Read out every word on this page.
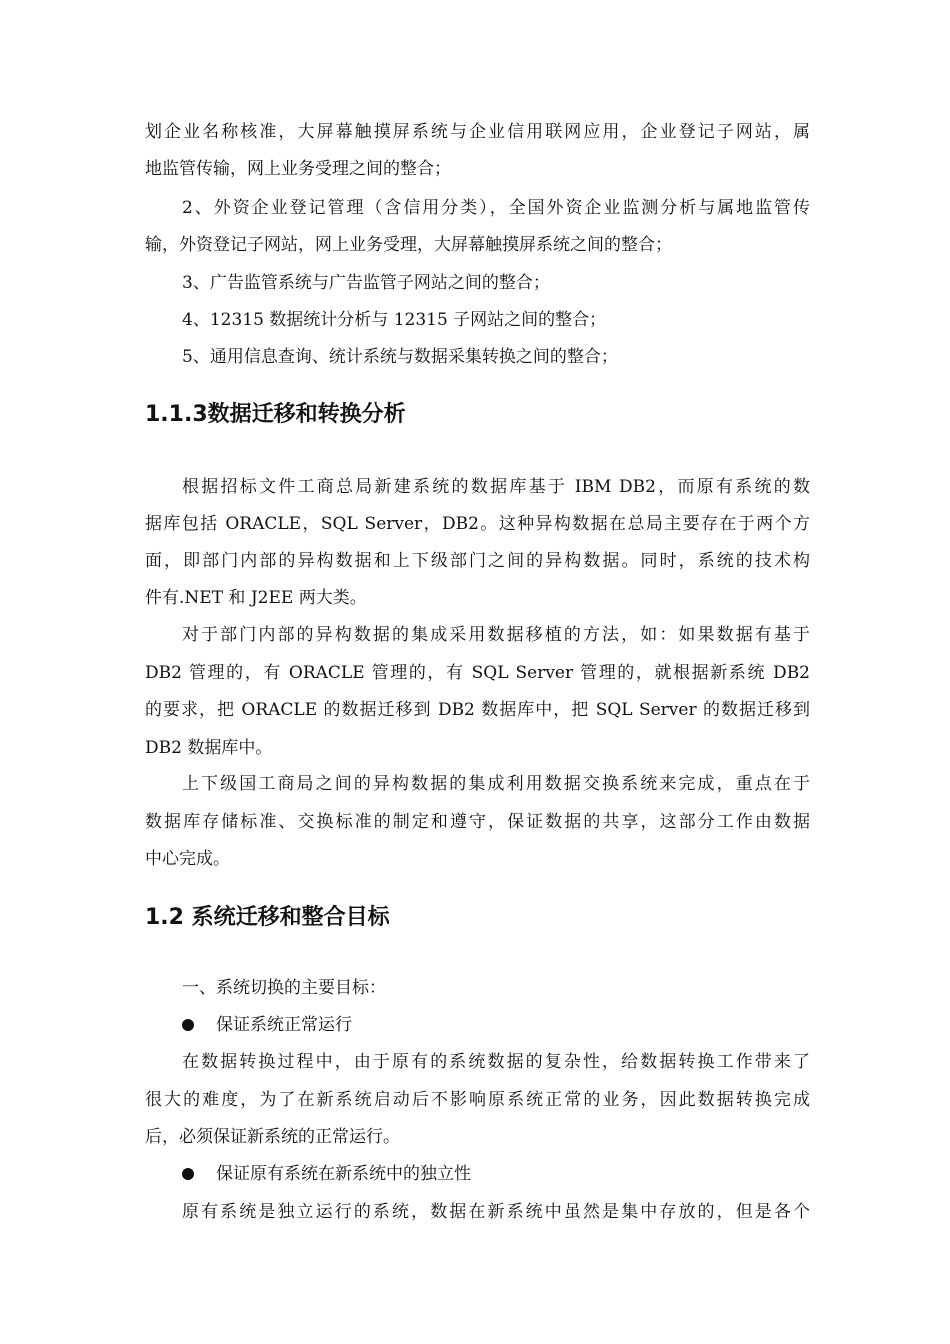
划企业名称核准，大屏幕触摸屏系统与企业信用联网应用，企业登记子网站，属
地监管传输，网上业务受理之间的整合；
2、外资企业登记管理（含信用分类），全国外资企业监测分析与属地监管传
输，外资登记子网站，网上业务受理，大屏幕触摸屏系统之间的整合；
3、广告监管系统与广告监管子网站之间的整合；
4、12315 数据统计分析与 12315 子网站之间的整合；
5、通用信息查询、统计系统与数据采集转换之间的整合；
1.1.3数据迁移和转换分析
根据招标文件工商总局新建系统的数据库基于 IBM DB2，而原有系统的数
据库包括 ORACLE，SQL Server，DB2。这种异构数据在总局主要存在于两个方
面，即部门内部的异构数据和上下级部门之间的异构数据。同时，系统的技术构
件有.NET 和 J2EE 两大类。
对于部门内部的异构数据的集成采用数据移植的方法，如：如果数据有基于
DB2 管理的，有 ORACLE 管理的，有 SQL Server 管理的，就根据新系统 DB2
的要求，把 ORACLE 的数据迁移到 DB2 数据库中，把 SQL Server 的数据迁移到
DB2 数据库中。
上下级国工商局之间的异构数据的集成利用数据交换系统来完成，重点在于
数据库存储标准、交换标准的制定和遵守，保证数据的共享，这部分工作由数据
中心完成。
1.2 系统迁移和整合目标
一、系统切换的主要目标：
保证系统正常运行
在数据转换过程中，由于原有的系统数据的复杂性，给数据转换工作带来了
很大的难度，为了在新系统启动后不影响原系统正常的业务，因此数据转换完成
后，必须保证新系统的正常运行。
保证原有系统在新系统中的独立性
原有系统是独立运行的系统，数据在新系统中虽然是集中存放的，但是各个
